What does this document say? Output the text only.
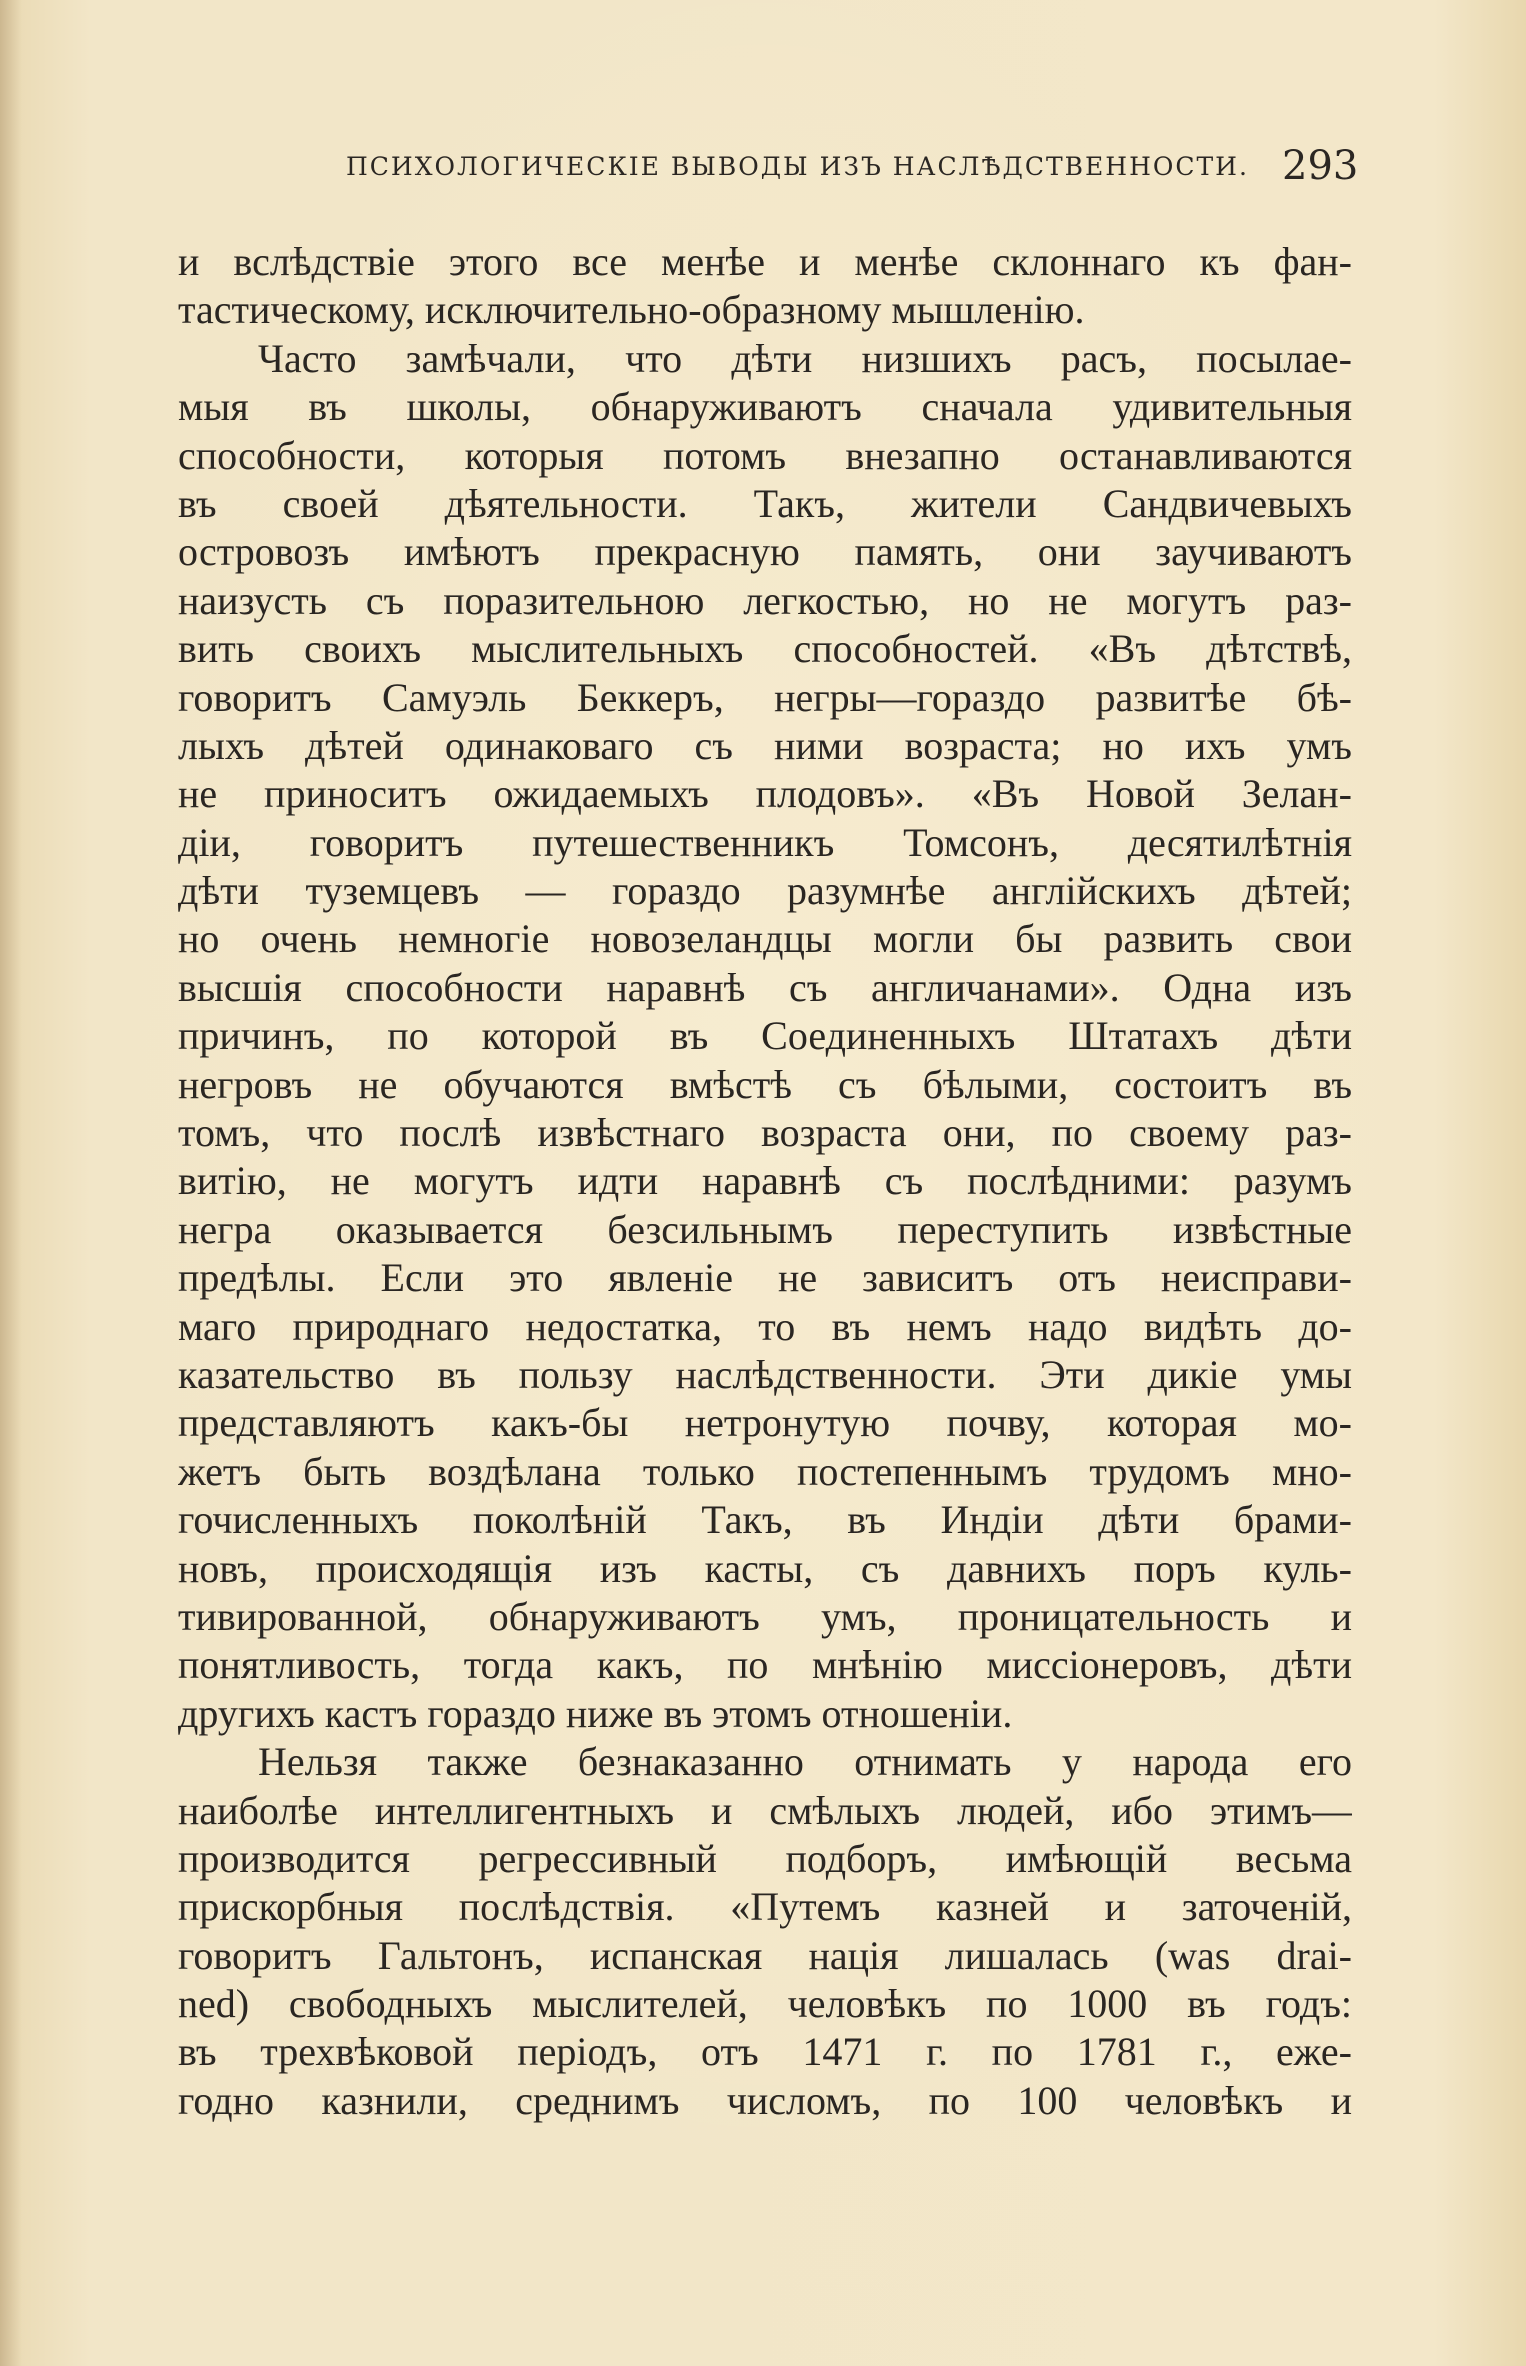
ПСИХОЛОГИЧЕСКІЕ ВЫВОДЫ ИЗЪ НАСЛѢДСТВЕННОСТИ. 293
и вслѣдствіе этого все менѣе и менѣе склоннаго къ фан-
тастическому, исключительно-образному мышленію.
Часто замѣчали, что дѣти низшихъ расъ, посылае-
мыя въ школы, обнаруживаютъ сначала удивительныя
способности, которыя потомъ внезапно останавливаются
въ своей дѣятельности. Такъ, жители Сандвичевыхъ
островозъ имѣютъ прекрасную память, они заучиваютъ
наизусть съ поразительною легкостью, но не могутъ раз-
вить своихъ мыслительныхъ способностей. «Въ дѣтствѣ,
говоритъ Самуэль Беккеръ, негры—гораздо развитѣе бѣ-
лыхъ дѣтей одинаковаго съ ними возраста; но ихъ умъ
не приноситъ ожидаемыхъ плодовъ». «Въ Новой Зелан-
діи, говоритъ путешественникъ Томсонъ, десятилѣтнія
дѣти туземцевъ — гораздо разумнѣе англійскихъ дѣтей;
но очень немногіе новозеландцы могли бы развить свои
высшія способности наравнѣ съ англичанами». Одна изъ
причинъ, по которой въ Соединенныхъ Штатахъ дѣти
негровъ не обучаются вмѣстѣ съ бѣлыми, состоитъ въ
томъ, что послѣ извѣстнаго возраста они, по своему раз-
витію, не могутъ идти наравнѣ съ послѣдними: разумъ
негра оказывается безсильнымъ переступить извѣстные
предѣлы. Если это явленіе не зависитъ отъ неисправи-
маго природнаго недостатка, то въ немъ надо видѣть до-
казательство въ пользу наслѣдственности. Эти дикіе умы
представляютъ какъ-бы нетронутую почву, которая мо-
жетъ быть воздѣлана только постепеннымъ трудомъ мно-
гочисленныхъ поколѣній Такъ, въ Индіи дѣти брами-
новъ, происходящія изъ касты, съ давнихъ поръ куль-
тивированной, обнаруживаютъ умъ, проницательность и
понятливость, тогда какъ, по мнѣнію миссіонеровъ, дѣти
другихъ кастъ гораздо ниже въ этомъ отношеніи.
Нельзя также безнаказанно отнимать у народа его
наиболѣе интеллигентныхъ и смѣлыхъ людей, ибо этимъ—
производится регрессивный подборъ, имѣющій весьма
прискорбныя послѣдствія. «Путемъ казней и заточеній,
говоритъ Гальтонъ, испанская нація лишалась (was drai-
ned) свободныхъ мыслителей, человѣкъ по 1000 въ годъ:
въ трехвѣковой періодъ, отъ 1471 г. по 1781 г., еже-
годно казнили, среднимъ числомъ, по 100 человѣкъ и
